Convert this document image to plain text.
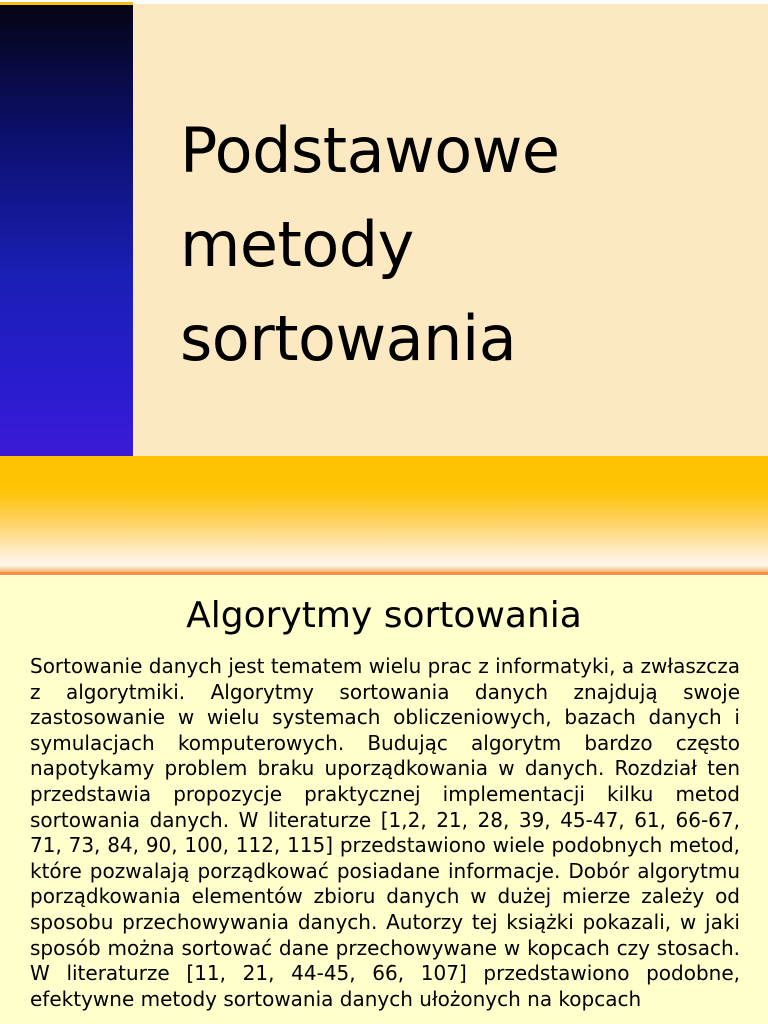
Podstawowe
metody
sortowania
Algorytmy sortowania

Sortowanie danych jest tematem wielu prac z informatyki, a zwłaszcza z algorytmiki. Algorytmy sortowania danych znajdują swoje zastosowanie w wielu systemach obliczeniowych, bazach danych i symulacjach komputerowych. Budując algorytm bardzo często napotykamy problem braku uporządkowania w danych. Rozdział ten przedstawia propozycje praktycznej implementacji kilku metod sortowania danych. W literaturze [1,2, 21, 28, 39, 45-47, 61, 66-67, 71, 73, 84, 90, 100, 112, 115] przedstawiono wiele podobnych metod, które pozwalają porządkować posiadane informacje. Dobór algorytmu porządkowania elementów zbioru danych w dużej mierze zależy od sposobu przechowywania danych. Autorzy tej książki pokazali, w jaki sposób można sortować dane przechowywane w kopcach czy stosach. W literaturze [11, 21, 44-45, 66, 107] przedstawiono podobne, efektywne metody sortowania danych ułożonych na kopcach
